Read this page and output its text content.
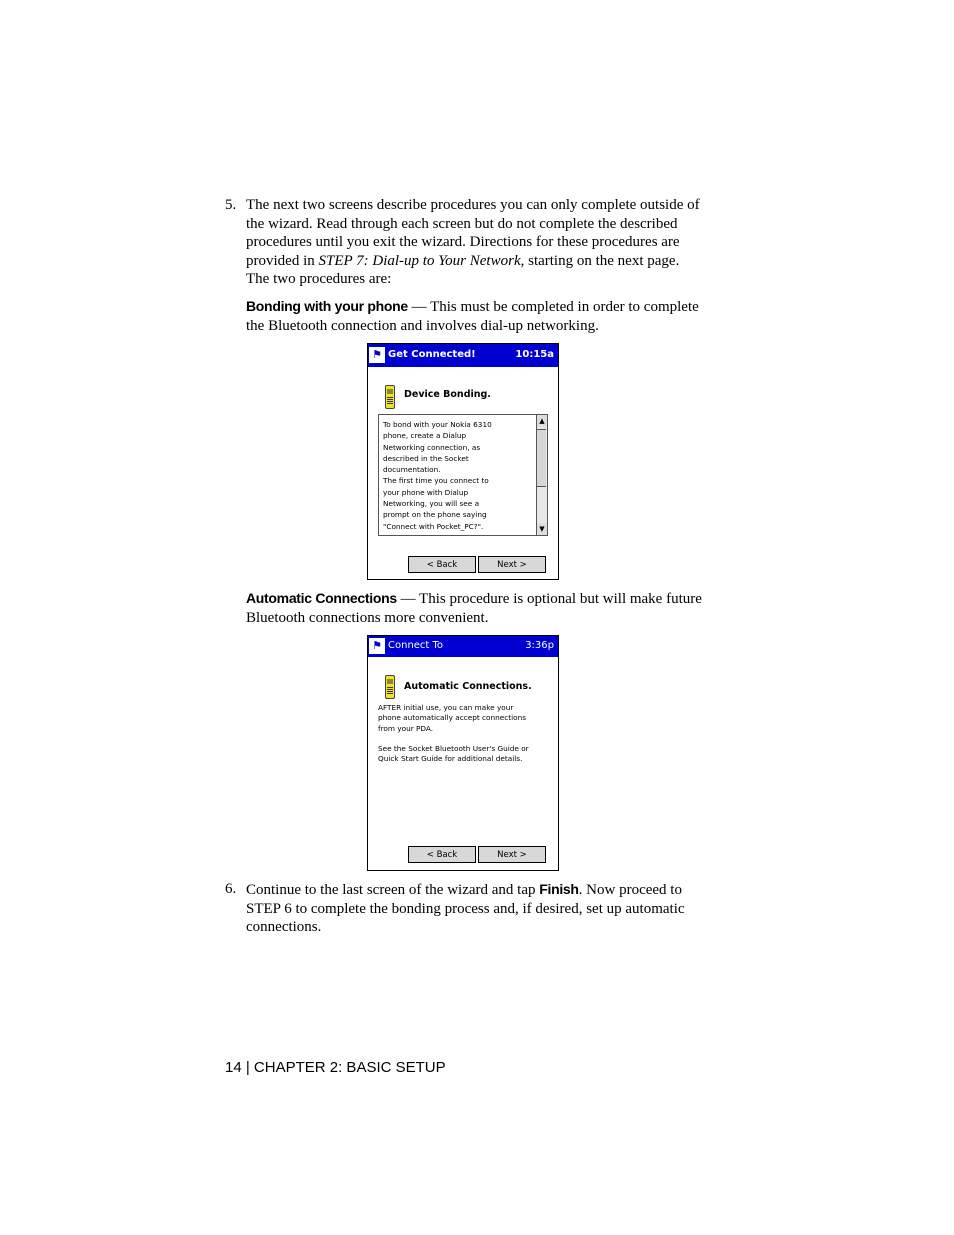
5. The next two screens describe procedures you can only complete outside of the wizard. Read through each screen but do not complete the described procedures until you exit the wizard. Directions for these procedures are provided in STEP 7: Dial-up to Your Network, starting on the next page. The two procedures are:
Bonding with your phone — This must be completed in order to complete the Bluetooth connection and involves dial-up networking.
⚑ Get Connected!	10:15a
Device Bonding.
To bond with your Nokia 6310
phone, create a Dialup
Networking connection, as
described in the Socket
documentation.
The first time you connect to
your phone with Dialup
Networking, you will see a
prompt on the phone saying
"Connect with Pocket_PC?".
▲
▼
< Back	Next >
Automatic Connections — This procedure is optional but will make future Bluetooth connections more convenient.
⚑ Connect To	3:36p
Automatic Connections.
AFTER initial use, you can make your
phone automatically accept connections
from your PDA.
See the Socket Bluetooth User's Guide or
Quick Start Guide for additional details.
< Back	Next >
6. Continue to the last screen of the wizard and tap Finish. Now proceed to STEP 6 to complete the bonding process and, if desired, set up automatic connections.
14 | CHAPTER 2: BASIC SETUP
